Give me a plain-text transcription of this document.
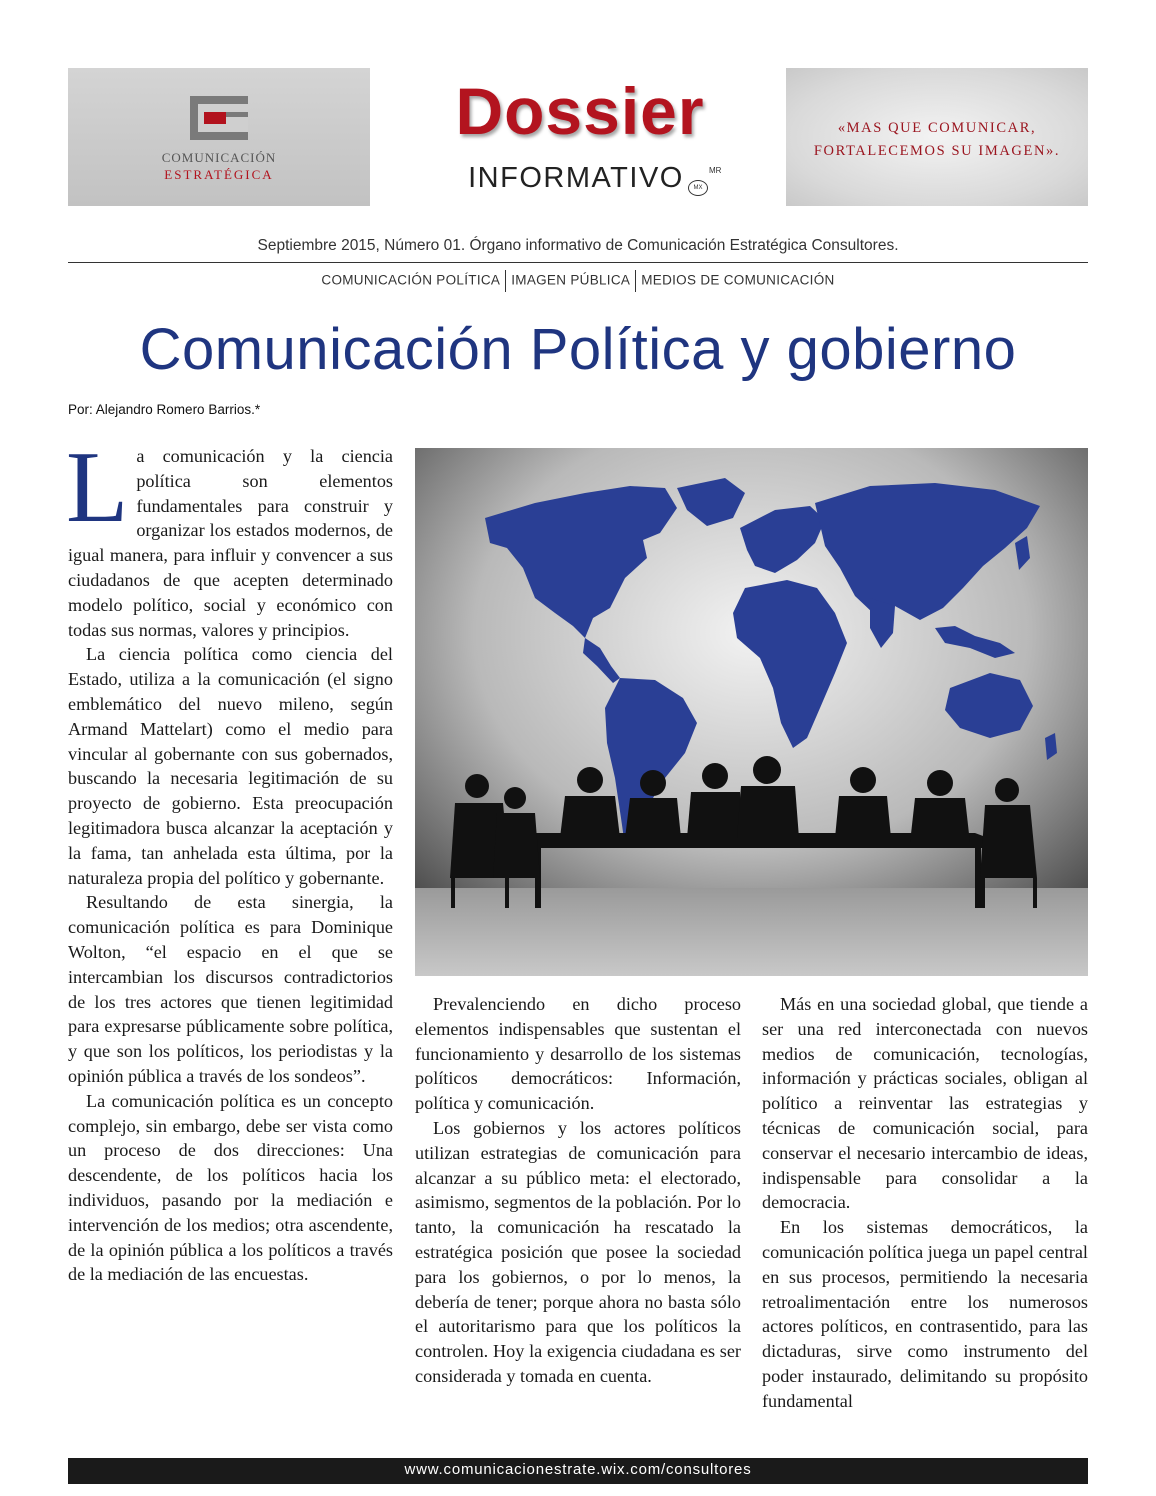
COMUNICACIÓN
ESTRATÉGICA
Dossier
INFORMATIVO	MX
MR
«MAS QUE COMUNICAR,
FORTALECEMOS SU IMAGEN».
Septiembre 2015, Número 01. Órgano informativo de Comunicación Estratégica Consultores.
COMUNICACIÓN POLÍTICA IMAGEN PÚBLICA MEDIOS DE COMUNICACIÓN
Comunicación Política y gobierno
Por: Alejandro Romero Barrios.*

La comunicación y la ciencia política son elementos fundamentales para construir y organizar los estados modernos, de igual manera, para influir y convencer a sus ciudadanos de que acepten determinado modelo político, social y económico con todas sus normas, valores y principios.

La ciencia política como ciencia del Estado, utiliza a la comunicación (el signo emblemático del nuevo mileno, según Armand Mattelart) como el medio para vincular al gobernante con sus gobernados, buscando la necesaria legitimación de su proyecto de gobierno. Esta preocupación legitimadora busca alcanzar la aceptación y la fama, tan anhelada esta última, por la naturaleza propia del político y gobernante.

Resultando de esta sinergia, la comunicación política es para Dominique Wolton, “el espacio en el que se intercambian los discursos contradictorios de los tres actores que tienen legitimidad para expresarse públicamente sobre política, y que son los políticos, los periodistas y la opinión pública a través de los sondeos”.

La comunicación política es un concepto complejo, sin embargo, debe ser vista como un proceso de dos direcciones: Una descendente, de los políticos hacia los individuos, pasando por la mediación e intervención de los medios; otra ascendente, de la opinión pública a los políticos a través de la mediación de las encuestas.

Prevalenciendo en dicho proceso elementos indispensables que sustentan el funcionamiento y desarrollo de los sistemas políticos democráticos: Información, política y comunicación.

Los gobiernos y los actores políticos utilizan estrategias de comunicación para alcanzar a su público meta: el electorado, asimismo, segmentos de la población. Por lo tanto, la comunicación ha rescatado la estratégica posición que posee la sociedad para los gobiernos, o por lo menos, la debería de tener; porque ahora no basta sólo el autoritarismo para que los políticos la controlen. Hoy la exigencia ciudadana es ser considerada y tomada en cuenta.

Más en una sociedad global, que tiende a ser una red interconectada con nuevos medios de comunicación, tecnologías, información y prácticas sociales, obligan al político a reinventar las estrategias y técnicas de comunicación social, para conservar el necesario intercambio de ideas, indispensable para consolidar a la democracia.

En los sistemas democráticos, la comunicación política juega un papel central en sus procesos, permitiendo la necesaria retroalimentación entre los numerosos actores políticos, en contrasentido, para las dictaduras, sirve como instrumento del poder instaurado, delimitando su propósito fundamental

www.comunicacionestrate.wix.com/consultores
